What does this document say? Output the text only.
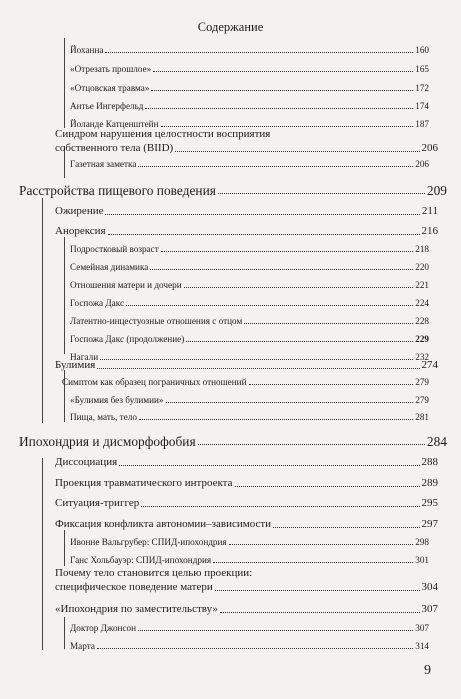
Содержание
Йоханна	160
«Отрезать прошлое»	165
«Отцовская травма»	172
Антье Ингерфельд	174
Йоланде Катценштейн	187
Синдром нарушения целостности восприятия
собственного тела (BIID)	206
Газетная заметка	206
Расстройства пищевого поведения	209
Ожирение	211
Анорексия	216
Подростковый возраст	218
Семейная динамика	220
Отношения матери и дочери	221
Госпожа Дакс	224
Латентно-инцестуозные отношения с отцом	228
Госпожа Дакс (продолжение)	229
Нагали	232
Булимия	274
Симптом как образец пограничных отношений	279
«Булимия без булимии»	279
Пища, мать, тело	281
Ипохондрия и дисморфофобия	284
Диссоциация	288
Проекция травматического интроекта	289
Ситуация-триггер	295
Фиксация конфликта автономии–зависимости	297
Ивонне Вальгрубер: СПИД-ипохондрия	298
Ганс Хольбауэр: СПИД-ипохондрия	301
Почему тело становится целью проекции:
специфическое поведение матери	304
«Ипохондрия по заместительству»	307
Доктор Джонсон	307
Марта	314
9
